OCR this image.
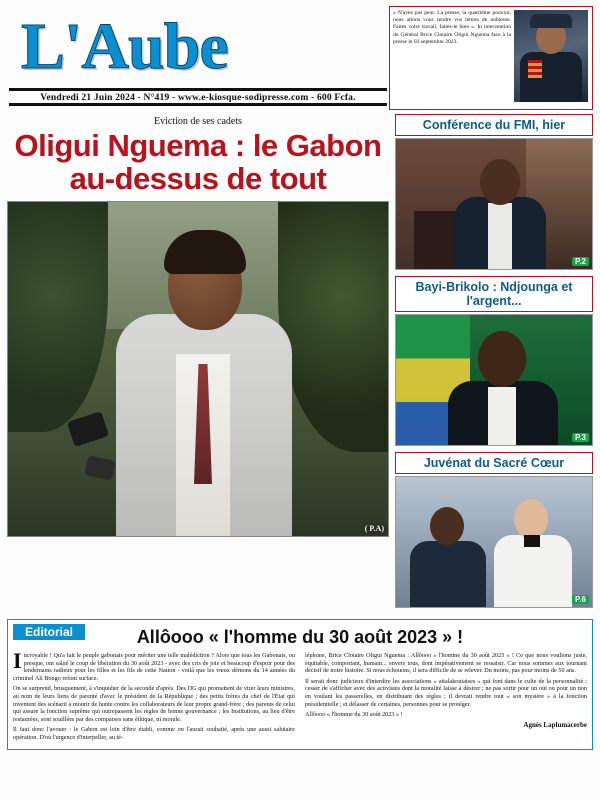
L'Aube
Vendredi 21 Juin 2024 - N°419 - www.e-kiosque-sodipresse.com - 600 Fcfa.
« N'ayez pas peur. La presse, la quatrième pouvoir, nous allons vous rendre vos lettres de noblesse. Faites votre travail, faites-le bien ». In intervention du Général Brice Clotaire Oligui Nguema face à la presse le 03 septembre 2023.
Eviction de ses cadets
Oligui Nguema : le Gabon au-dessus de tout
( P.A)
Conférence du FMI, hier
P.2
Bayi-Brikolo : Ndjounga et l'argent...
P.3
Juvénat du Sacré Cœur
P.6
Editorial	Allôooo « l'homme du 30 août 2023 » !

Incroyable ! Qu'a fait le peuple gabonais pour mériter une telle malédiction ? Alors que tous les Gabonais, ou presque, ont salué le coup de libération du 30 août 2023 - avec des cris de joie et beaucoup d'espoir pour des lendemains radieux pour les filles et les fils de cette Nation - voilà que les vœux démons du 14 années du criminel Ali Bongo refont surface.

On se surprend, brusquement, à s'inquiéter de la seconde d'après. Des DG qui promettent de virer leurs ministres, au nom de leurs liens de parenté d'avec le président de la République ; des petits frères du chef de l'État qui inventent des scénarii à mourir de honte contre les collaborateurs de leur propre grand-frère ; des parents de celui qui assure la fonction suprême qui outrepassent les règles de bonne gouvernance ; les Institutions, au lieu d'être restaurées, sont souillées par des comparses sans éthique, ni morale.

Il faut donc l'avouer : le Gabon est loin d'être établi, comme on l'aurait souhaité, après une aussi salutaire opération. D'où l'urgence d'interpeller, au té-

léphone, Brice Clotaire Oligui Nguema : Allôooo « l'homme du 30 août 2023 » ! Ce que nous voulions juste, équitable, comportant, humain... envers tous, dont impérativement se ressaisir. Car nous sommes aux tournant décisif de notre histoire. Si nous échouons, il sera difficile de se relever. Du moins, pas pour moins de 50 ans.

Il serait donc judicieux d'interdire les associations « attalakoutatses » qui font dans le culte de la personnalité ; cesser de s'afficher avec des activistes dont la moralité laisse à désirer ; ne pas sortir pour un oui ou pour un non en voulant les passerelles, en distribuant des règles ; il devrait rendre tout « son mystère » à la fonction présidentielle ; et délasser de certaines, personnes pour se protéger.

Allôooo « l'homme du 30 août 2023 » !

Agnès Laplumacerbe
